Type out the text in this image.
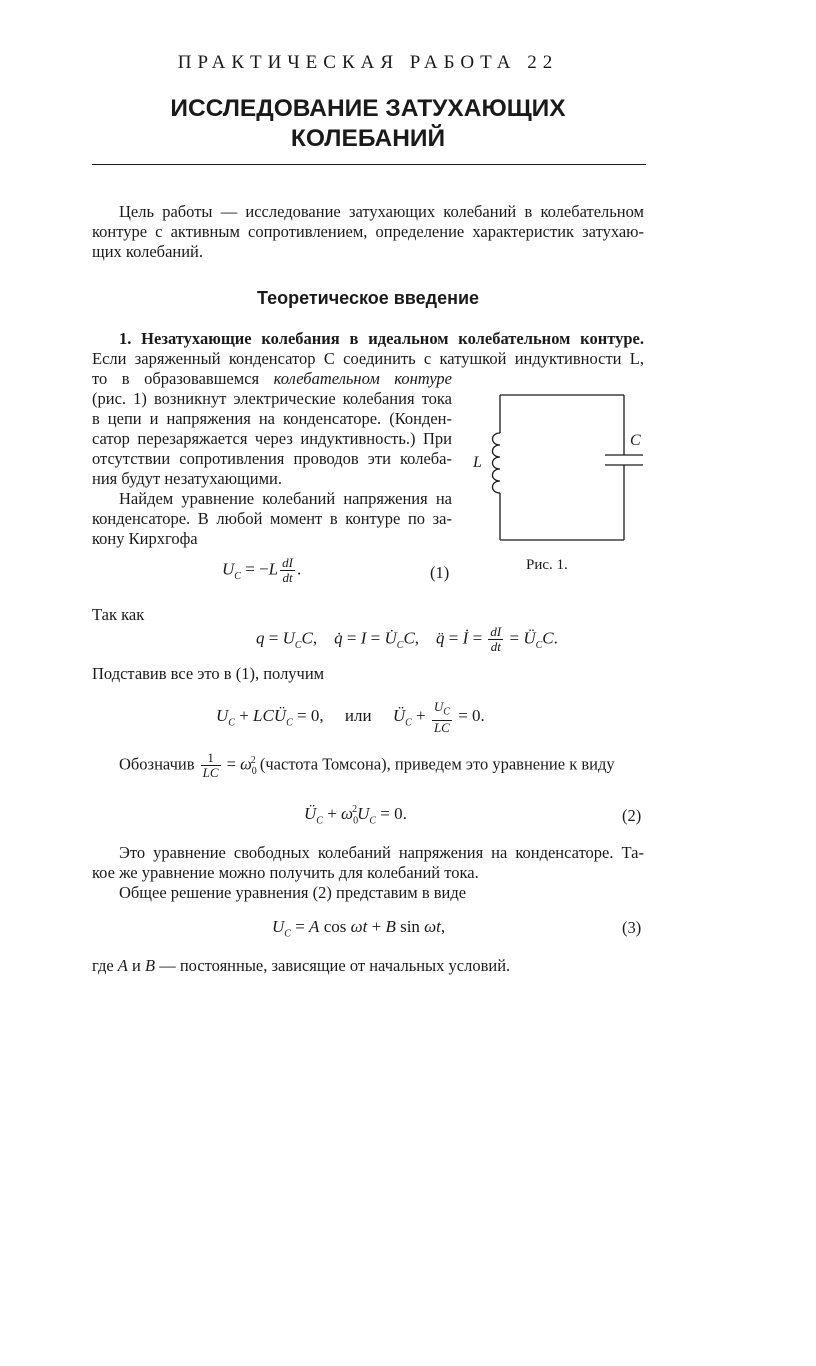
ПРАКТИЧЕСКАЯ РАБОТА 22
ИССЛЕДОВАНИЕ ЗАТУХАЮЩИХ
КОЛЕБАНИЙ
Цель работы — исследование затухающих колебаний в колебательном
контуре с активным сопротивлением, определение характеристик затухаю-
щих колебаний.
Теоретическое введение
1. Незатухающие колебания в идеальном колебательном контуре.
Если заряженный конденсатор C соединить с катушкой индуктивности L,
то в образовавшемся колебательном контуре
(рис. 1) возникнут электрические колебания тока
в цепи и напряжения на конденсаторе. (Конден-
сатор перезаряжается через индуктивность.) При
отсутствии сопротивления проводов эти колеба-
ния будут незатухающими.
Найдем уравнение колебаний напряжения на
конденсаторе. В любой момент в контуре по за-
кону Кирхгофа
$U_C = -L \frac{dI}{dt}$ .	(1)
L
C
Рис. 1.
Так как
$q = U_CC$,    q̇ = $I = U̇_CC$,    q̈ = İ = $\frac{dI}{dt}$ = $Ü_CC$.
Подставив все это в (1), получим
$U_C$ + $LCÜ_C = 0$,     или $Ü_C + \frac{U_C}{LC} = 0$.
Обозначив $\frac{1}{LC} = \omega_0^2$ (частота Томсона), приведем это уравнение к виду
$Ü_C + \omega_0^2U_C = 0$.	(2)
Это уравнение свободных колебаний напряжения на конденсаторе. Та-
кое же уравнение можно получить для колебаний тока.
Общее решение уравнения (2) представим в виде
$U_C = A$ cos ωt + B sin ωt,	(3)
где A и B — постоянные, зависящие от начальных условий.
